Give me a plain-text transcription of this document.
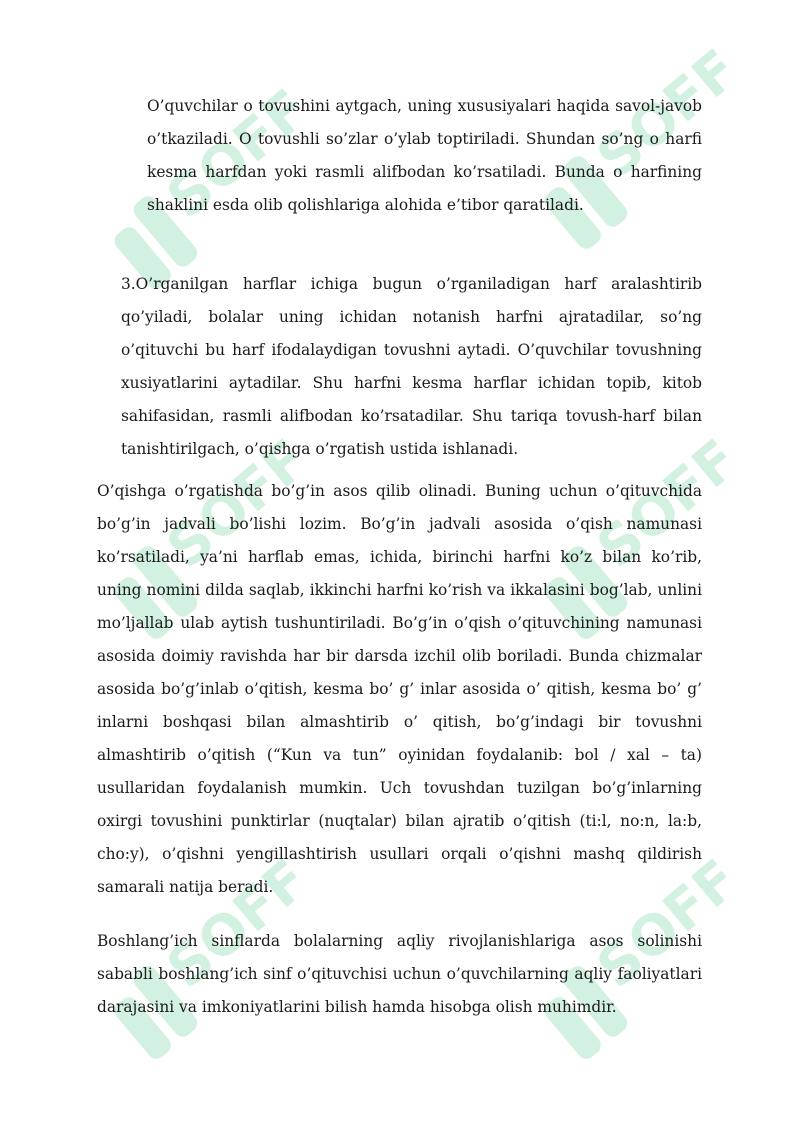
SOFF	SOFF
SOFF	SOFF
SOFF	SOFF

O’quvchilar o tovushini aytgach, uning xususiyalari haqida savol-javob o’tkaziladi. O tovushli so’zlar o’ylab toptiriladi. Shundan so’ng o harfi kesma harfdan yoki rasmli alifbodan ko’rsatiladi. Bunda o harfining shaklini esda olib qolishlariga alohida e’tibor qaratiladi.

3.O’rganilgan harflar ichiga bugun o’rganiladigan harf aralashtirib qo’yiladi, bolalar uning ichidan notanish harfni ajratadilar, so’ng o’qituvchi bu harf ifodalaydigan tovushni aytadi. O’quvchilar tovushning xusiyatlarini aytadilar. Shu harfni kesma harflar ichidan topib, kitob sahifasidan, rasmli alifbodan ko’rsatadilar. Shu tariqa tovush-harf bilan tanishtirilgach, o’qishga o’rgatish ustida ishlanadi.

O’qishga o’rgatishda bo’g’in asos qilib olinadi. Buning uchun o’qituvchida bo’g’in jadvali bo’lishi lozim. Bo’g’in jadvali asosida o’qish namunasi ko’rsatiladi, ya’ni harflab emas, ichida, birinchi harfni ko’z bilan ko’rib, uning nomini dilda saqlab, ikkinchi harfni ko’rish va ikkalasini bog’lab, unlini mo’ljallab ulab aytish tushuntiriladi. Bo’g’in o’qish o’qituvchining namunasi asosida doimiy ravishda har bir darsda izchil olib boriladi. Bunda chizmalar asosida bo’g’inlab o’qitish, kesma bo’ g’ inlar asosida o’ qitish, kesma bo’ g’ inlarni boshqasi bilan almashtirib o’ qitish, bo’g’indagi bir tovushni almashtirib o’qitish (“Kun va tun” oyinidan foydalanib: bol / xal – ta) usullaridan foydalanish mumkin. Uch tovushdan tuzilgan bo’g’inlarning oxirgi tovushini punktirlar (nuqtalar) bilan ajratib o’qitish (ti:l, no:n, la:b, cho:y), o’qishni yengillashtirish usullari orqali o’qishni mashq qildirish samarali natija beradi.

Boshlang’ich sinflarda bolalarning aqliy rivojlanishlariga asos solinishi sababli boshlang’ich sinf o’qituvchisi uchun o’quvchilarning aqliy faoliyatlari darajasini va imkoniyatlarini bilish hamda hisobga olish muhimdir.
